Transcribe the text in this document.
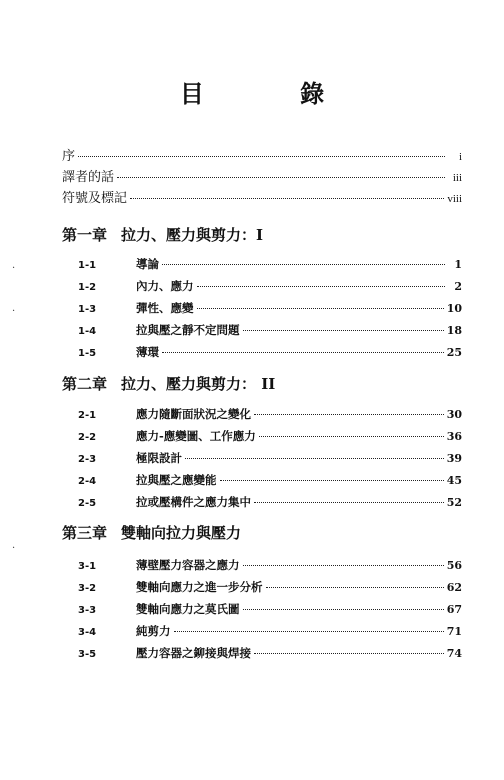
目 錄
序	i
譯者的話	iii
符號及標記	viii
·
·
·
第一章 拉力、壓力與剪力：I
1-1	導論	1
1-2	內力、應力	2
1-3	彈性、應變	10
1-4	拉與壓之靜不定問題	18
1-5	薄環	25
第二章 拉力、壓力與剪力： II
2-1	應力隨斷面狀況之變化	30
2-2	應力-應變圖、工作應力	36
2-3	極限設計	39
2-4	拉與壓之應變能	45
2-5	拉或壓構件之應力集中	52
第三章 雙軸向拉力與壓力
3-1	薄壁壓力容器之應力	56
3-2	雙軸向應力之進一步分析	62
3-3	雙軸向應力之莫氏圖	67
3-4	純剪力	71
3-5	壓力容器之鉚接與焊接	74
